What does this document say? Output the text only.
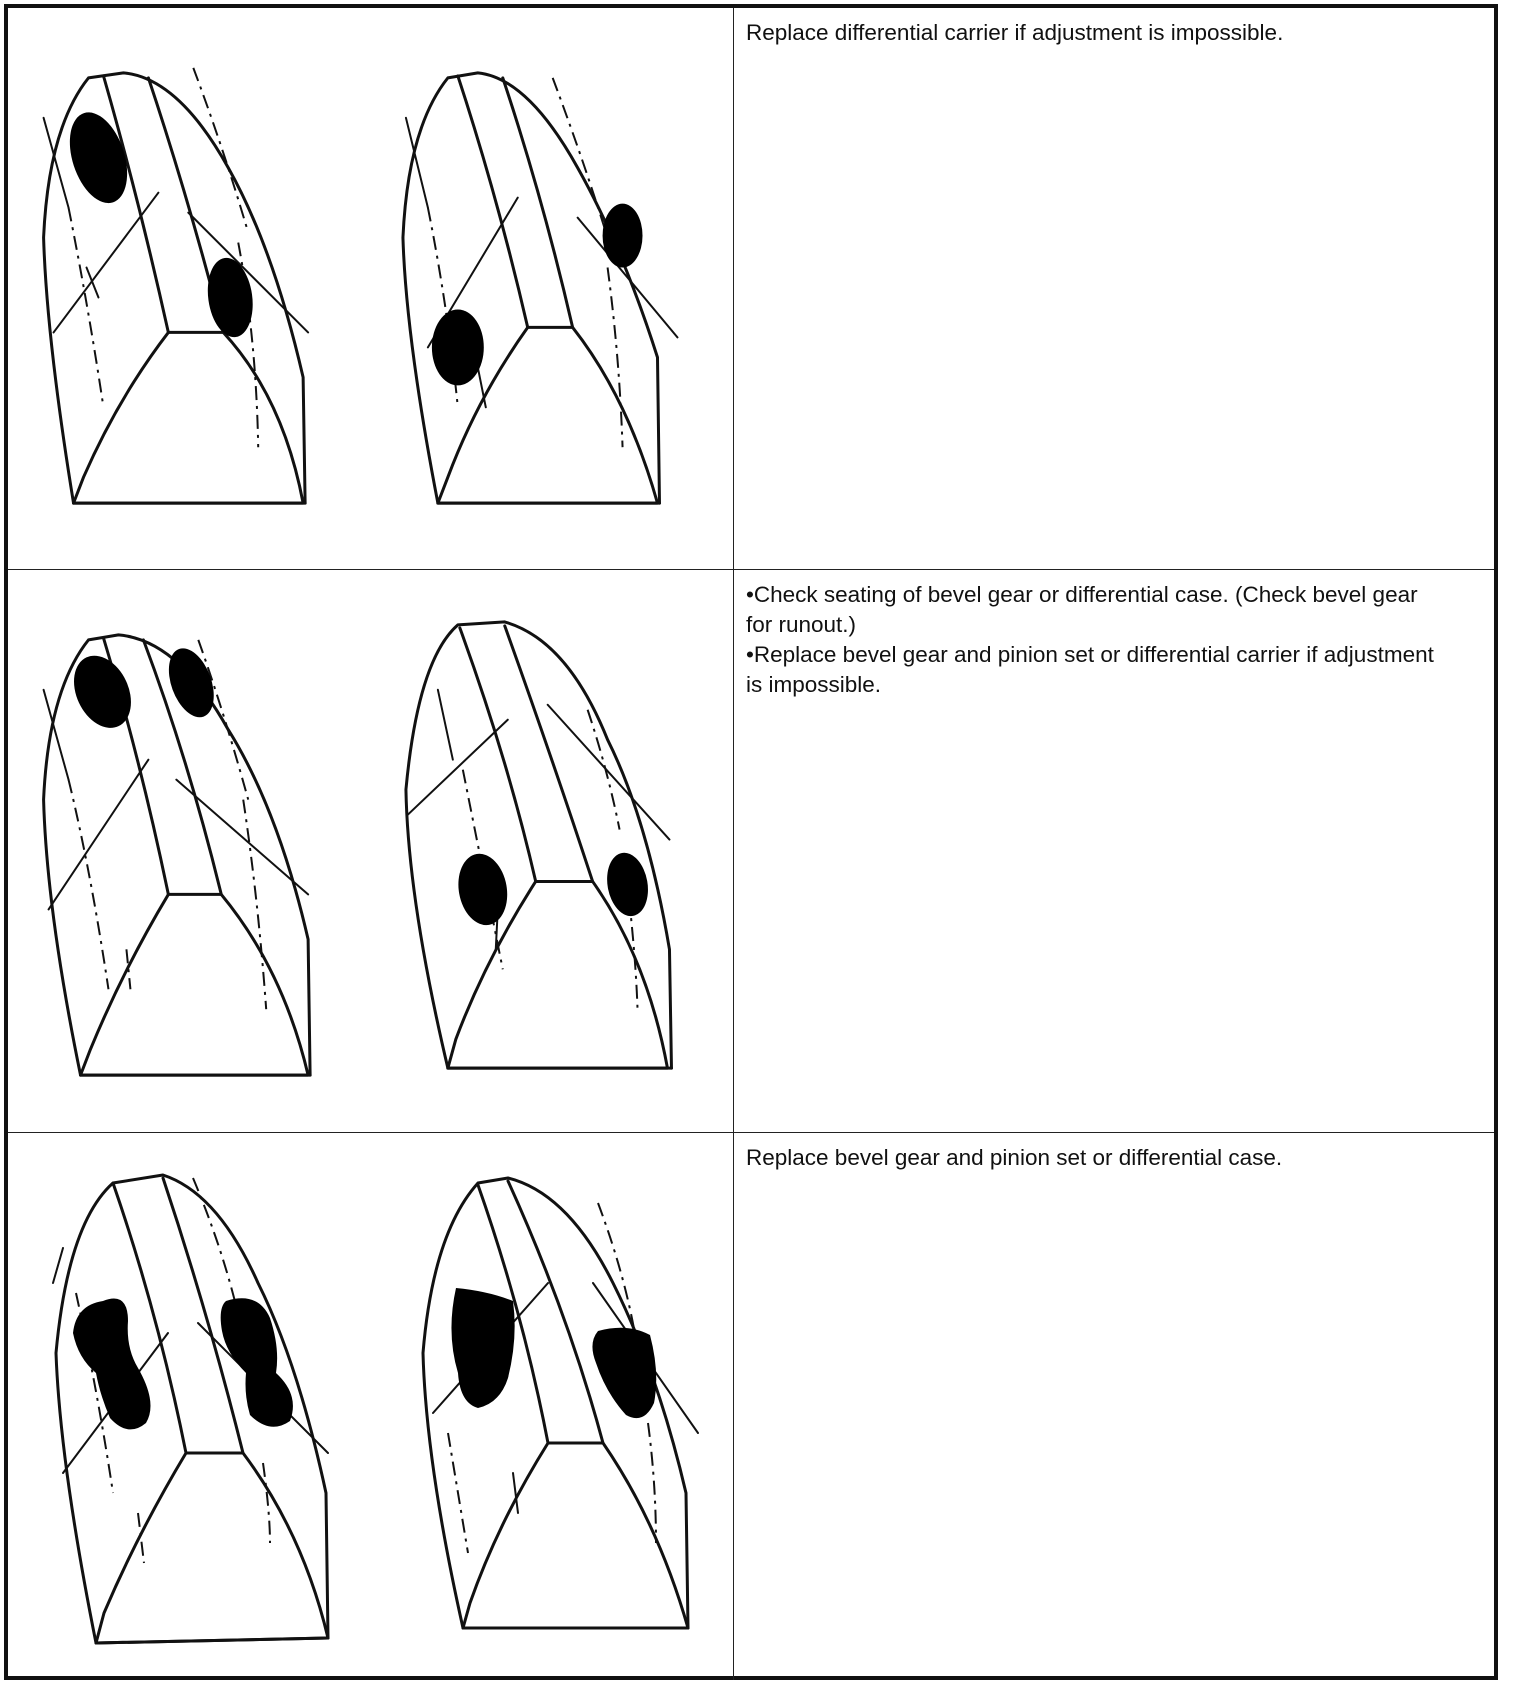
Replace differential carrier if adjustment is impossible.
•Check seating of bevel gear or differential case. (Check bevel gear for runout.)
•Replace bevel gear and pinion set or differential carrier if adjustment is impossible.
Replace bevel gear and pinion set or differential case.
